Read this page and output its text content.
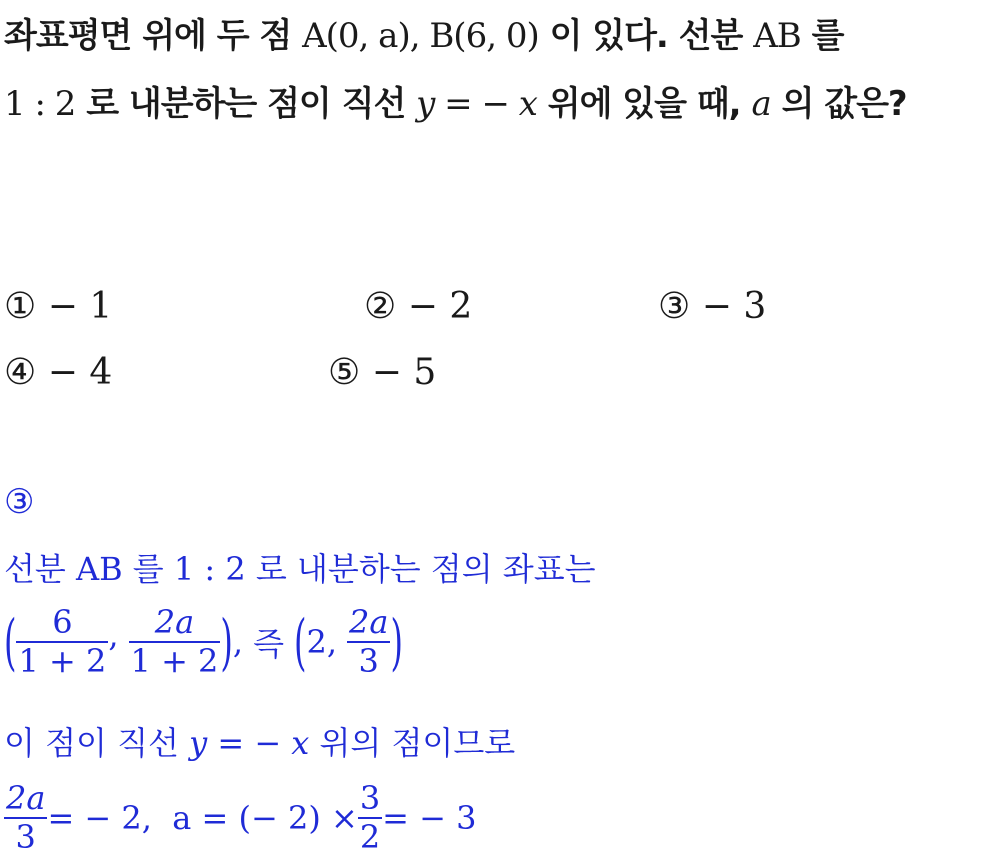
좌표평면 위에 두 점 A(0, a), B(6, 0) 이 있다. 선분 AB 를
1 : 2 로 내분하는 점이 직선 y = − x 위에 있을 때, a 의 값은?
① − 1	② − 2	③ − 3
④ − 4	⑤ − 5
③
선분 AB 를 1 : 2 로 내분하는 점의 좌표는
( $\frac{6}{1 + 2}$ , $\frac{2a}{1 + 2}$ ) , 즉 ( 2, $\frac{2a}{3}$ )
이 점이 직선 y = − x 위의 점이므로
$\frac{2a}{3}$ = − 2,  a = (− $2) \times \frac{3}{2}$ = − 3
